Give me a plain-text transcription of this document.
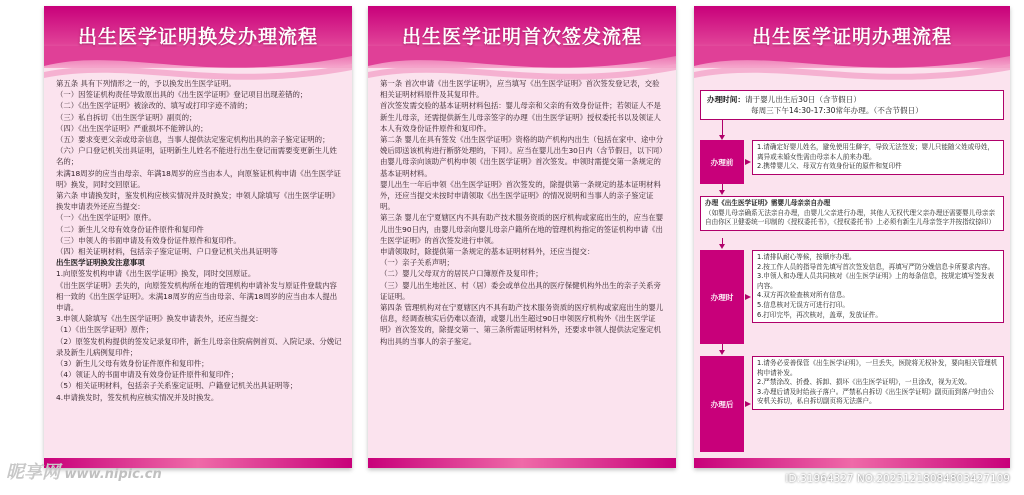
出生医学证明换发办理流程

第五条 具有下列情形之一的，予以换发出生医学证明。

（一）因签证机构责任导致原出具的《出生医学证明》登记项目出现差错的；

（二）《出生医学证明》被涂改的、填写或打印字迹不清的；

（三）私自拆切《出生医学证明》副页的；

（四）《出生医学证明》严重损坏不能辨认的；

（五）要求变更父亲或母亲信息，当事人提供法定鉴定机构出具的亲子鉴定证明的；

（六）户口登记机关出具证明，证明新生儿姓名不能进行出生登记而需要变更新生儿姓名的；

未满18周岁的应当由母亲、年满18周岁的应当由本人，向原鉴证机构申请《出生医学证明》换发，同时交回原证。

第六条 申请换发时，鉴发机构应核实情况并及时换发；申领人除填写《出生医学证明》换发申请表外还应当提交：

（一）《出生医学证明》原件。

（二）新生儿父母有效身份证件原件和复印件

（三）申领人的书面申请及有效身份证件原件和复印件。

（四）相关证明材料，包括亲子鉴定证明、户口登记机关出具证明等

出生医学证明换发注意事项

1.向原签发机构申请《出生医学证明》换发，同时交回原证。

《出生医学证明》丢失的，向原签发机构所在地的管理机构申请补发与原证件登载内容相一致的《出生医学证明》。未满18周岁的应当由母亲、年满18周岁的应当由本人提出申请。

3.申领人除填写《出生医学证明》换发申请表外，还应当提交：

（1）《出生医学证明》原件；

（2）原签发机构提供的签发记录复印件，新生儿母亲住院病例首页、入院记录、分娩记录及新生儿病例复印件；

（3）新生儿父母有效身份证件原件和复印件；

（4）领证人的书面申请及有效身份证件原件和复印件；

（5）相关证明材料，包括亲子关系鉴定证明、户籍登记机关出具证明等；

4.申请换发时，签发机构应核实情况并及时换发。

出生医学证明首次签发流程

第一条 首次申请《出生医学证明》，应当填写《出生医学证明》首次签发登记表，交验相关证明材料原件及其复印件。

首次签发需交验的基本证明材料包括：婴儿母亲和父亲的有效身份证件；若领证人不是新生儿母亲，还需提供新生儿母亲签字的办理《出生医学证明》授权委托书以及领证人本人有效身份证件原件和复印件。

第二条 婴儿在具有签发《出生医学证明》资格的助产机构内出生（包括在家中、途中分娩后即送该机构进行断脐处理的，下同）。应当在婴儿出生30日内（含节假日，以下同）由婴儿母亲向该助产机构申领《出生医学证明》首次签发。申领时需提交第一条规定的基本证明材料。

婴儿出生一年后申领《出生医学证明》首次签发的，除提供第一条规定的基本证明材料外，还应当提交未按时申请领取《出生医学证明》的情况说明和当事人的亲子鉴定证明。

第三条 婴儿在宁夏辖区内不具有助产技术服务资质的医疗机构或家庭出生的，应当在婴儿出生90日内，由婴儿母亲向婴儿母亲户籍所在地的管理机构指定的签证机构申请《出生医学证明》的首次签发进行申领。

申请领取时，除提供第一条规定的基本证明材料外，还应当提交：

（一）亲子关系声明；

（二）婴儿父母双方的居民户口簿原件及复印件；

（三）婴儿出生地社区、村（居）委会或单位出具的医疗保健机构外出生的亲子关系旁证证明。

第四条 管理机构对在宁夏辖区内不具有助产技术服务资质的医疗机构或家庭出生的婴儿信息，经调查核实后仍难以查清，或婴儿出生超过90日申领医疗机构外《出生医学证明》首次签发的，除提交第一、第三条所需证明材料外，还要求申领人提供法定鉴定机构出具的当事人的亲子鉴定。

出生医学证明办理流程
办理时间：请于婴儿出生后30日（含节假日）
每周三下午14:30-17:30常年办理。（不含节假日）
办理前

1.请确定好婴儿姓名，避免使用生僻字，导致无法签发；婴儿只能随父姓或母姓，离异或未婚女性需由母亲本人前来办理。

2.携带婴儿父、母双方有效身份证的原件和复印件

办理《出生医学证明》需婴儿母亲亲自办理

（如婴儿母亲确系无法亲自办理，由婴儿父亲进行办理，其他人无权代理父亲办理还需要婴儿母亲亲自由你区卫健委统一印制的《授权委托书》，《授权委托书》上必须有新生儿母亲签字并按指纹捺印）

办理时

1.请排队耐心等候，按顺序办理。

2.按工作人员的指导首先填写首次签发信息，再填写严防分娩信息卡所要求内容。

3.申领人和办理人员共同核对《出生医学证明》上的每条信息，按规定填写签发表内容。

4.双方再次检查核对所有信息。

5.信息核对无误方可进行打印。

6.打印完毕，再次核对，盖章，发放证件。

办理后

1.请务必妥善保管《出生医学证明》，一旦丢失，医院将无权补发，要向相关管理机构申请补发。

2.严禁涂改、折叠、拆卸、损坏《出生医学证明》，一旦涂改，视为无效。

3.办理后请及时给孩子落户。严禁私自拆切《出生医学证明》副页而到落户时由公安机关拆切，私自拆切副页将无法落户。

昵享网 www.nipic.cn	ID:31964327 NO:20251218084803427109
